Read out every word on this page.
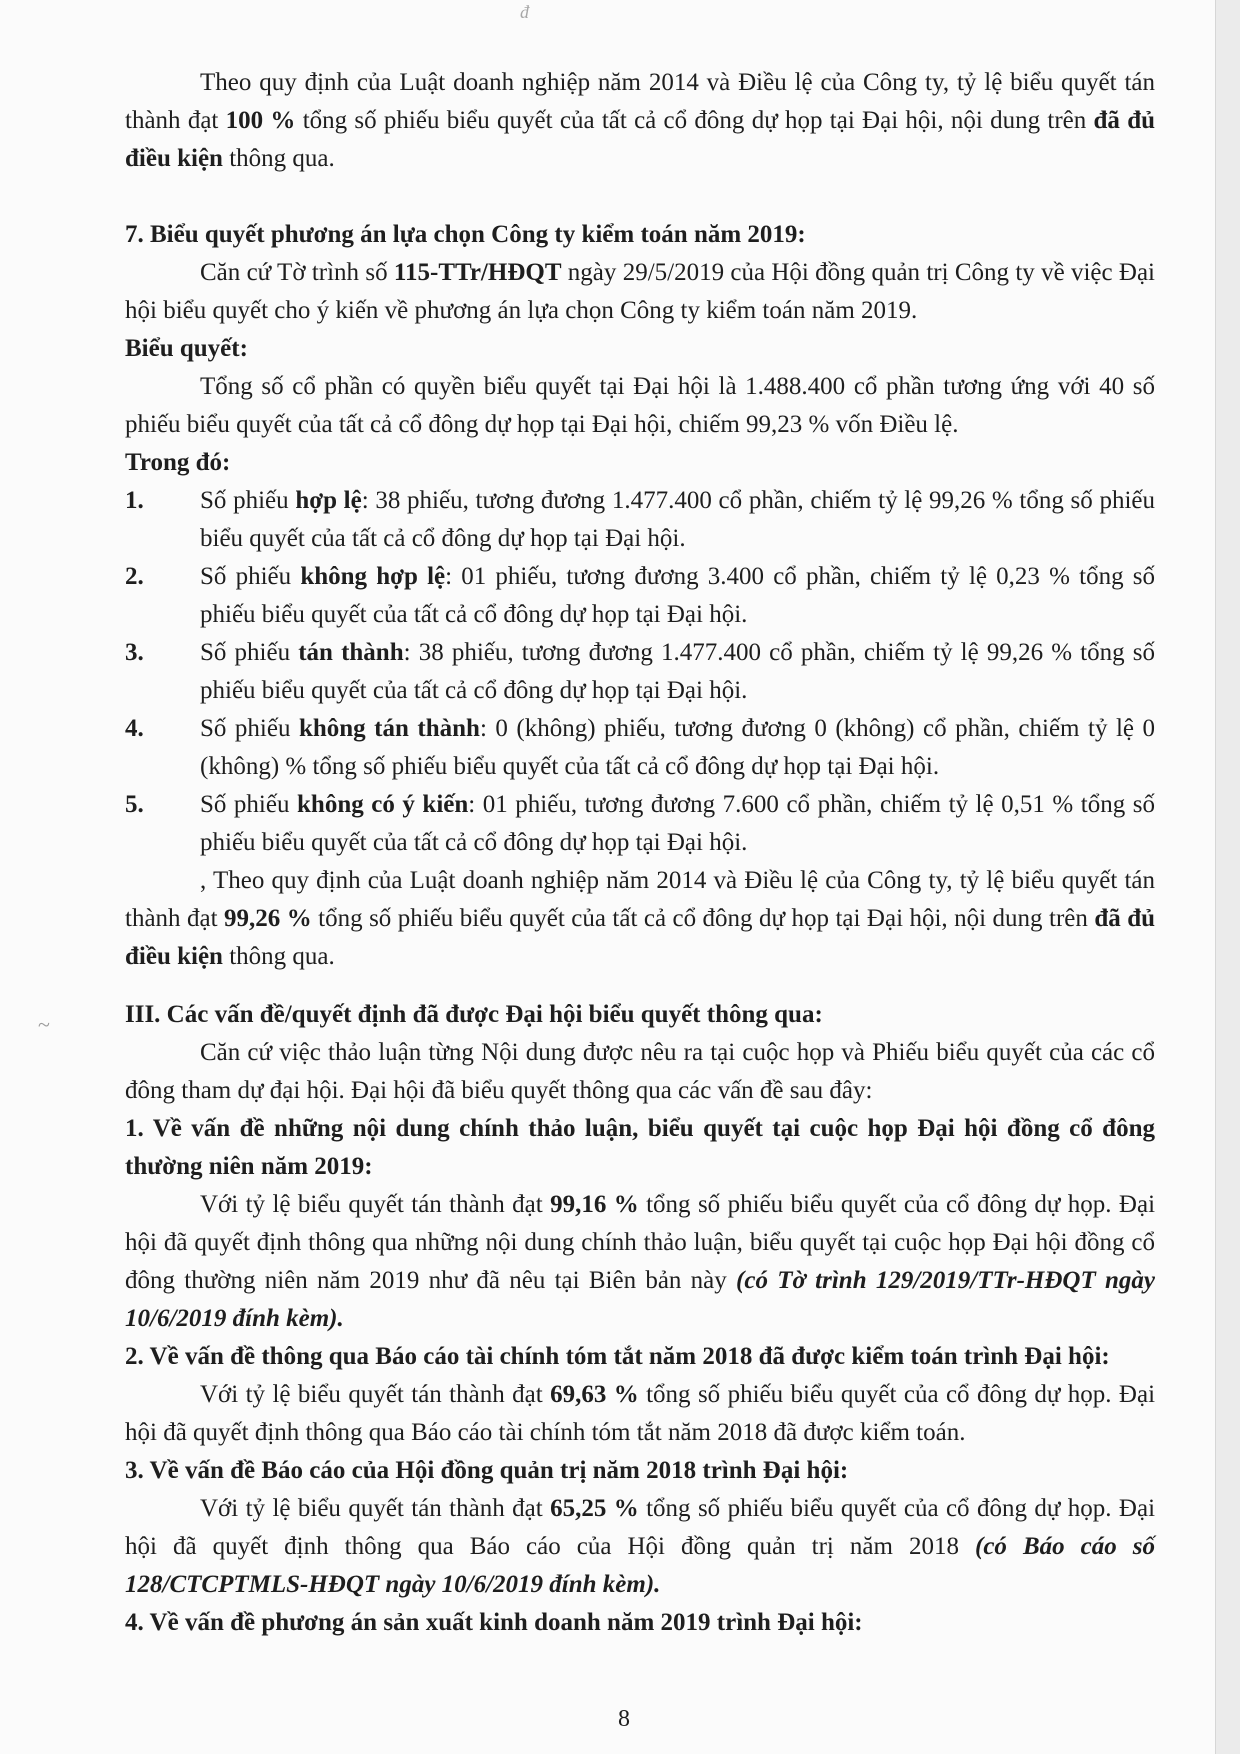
đ
~

Theo quy định của Luật doanh nghiệp năm 2014 và Điều lệ của Công ty, tỷ lệ biểu quyết tán thành đạt 100 % tổng số phiếu biểu quyết của tất cả cổ đông dự họp tại Đại hội, nội dung trên đã đủ điều kiện thông qua.

7. Biểu quyết phương án lựa chọn Công ty kiểm toán năm 2019:

Căn cứ Tờ trình số 115-TTr/HĐQT ngày 29/5/2019 của Hội đồng quản trị Công ty về việc Đại hội biểu quyết cho ý kiến về phương án lựa chọn Công ty kiểm toán năm 2019.

Biểu quyết:

Tổng số cổ phần có quyền biểu quyết tại Đại hội là 1.488.400 cổ phần tương ứng với 40 số phiếu biểu quyết của tất cả cổ đông dự họp tại Đại hội, chiếm 99,23 % vốn Điều lệ.

Trong đó:

1.	Số phiếu hợp lệ: 38 phiếu, tương đương 1.477.400 cổ phần, chiếm tỷ lệ 99,26 % tổng số phiếu biểu quyết của tất cả cổ đông dự họp tại Đại hội.
2.	Số phiếu không hợp lệ: 01 phiếu, tương đương 3.400 cổ phần, chiếm tỷ lệ 0,23 % tổng số phiếu biểu quyết của tất cả cổ đông dự họp tại Đại hội.
3.	Số phiếu tán thành: 38 phiếu, tương đương 1.477.400 cổ phần, chiếm tỷ lệ 99,26 % tổng số phiếu biểu quyết của tất cả cổ đông dự họp tại Đại hội.
4.	Số phiếu không tán thành: 0 (không) phiếu, tương đương 0 (không) cổ phần, chiếm tỷ lệ 0 (không) % tổng số phiếu biểu quyết của tất cả cổ đông dự họp tại Đại hội.
5.	Số phiếu không có ý kiến: 01 phiếu, tương đương 7.600 cổ phần, chiếm tỷ lệ 0,51 % tổng số phiếu biểu quyết của tất cả cổ đông dự họp tại Đại hội.

, Theo quy định của Luật doanh nghiệp năm 2014 và Điều lệ của Công ty, tỷ lệ biểu quyết tán thành đạt 99,26 % tổng số phiếu biểu quyết của tất cả cổ đông dự họp tại Đại hội, nội dung trên đã đủ điều kiện thông qua.

III. Các vấn đề/quyết định đã được Đại hội biểu quyết thông qua:

Căn cứ việc thảo luận từng Nội dung được nêu ra tại cuộc họp và Phiếu biểu quyết của các cổ đông tham dự đại hội. Đại hội đã biểu quyết thông qua các vấn đề sau đây:

1. Về vấn đề những nội dung chính thảo luận, biểu quyết tại cuộc họp Đại hội đồng cổ đông thường niên năm 2019:

Với tỷ lệ biểu quyết tán thành đạt 99,16 % tổng số phiếu biểu quyết của cổ đông dự họp. Đại hội đã quyết định thông qua những nội dung chính thảo luận, biểu quyết tại cuộc họp Đại hội đồng cổ đông thường niên năm 2019 như đã nêu tại Biên bản này (có Tờ trình 129/2019/TTr-HĐQT ngày 10/6/2019 đính kèm).

2. Về vấn đề thông qua Báo cáo tài chính tóm tắt năm 2018 đã được kiểm toán trình Đại hội:

Với tỷ lệ biểu quyết tán thành đạt 69,63 % tổng số phiếu biểu quyết của cổ đông dự họp. Đại hội đã quyết định thông qua Báo cáo tài chính tóm tắt năm 2018 đã được kiểm toán.

3. Về vấn đề Báo cáo của Hội đồng quản trị năm 2018 trình Đại hội:

Với tỷ lệ biểu quyết tán thành đạt 65,25 % tổng số phiếu biểu quyết của cổ đông dự họp. Đại hội đã quyết định thông qua Báo cáo của Hội đồng quản trị năm 2018 (có Báo cáo số 128/CTCPTMLS-HĐQT ngày 10/6/2019 đính kèm).

4. Về vấn đề phương án sản xuất kinh doanh năm 2019 trình Đại hội:

8
